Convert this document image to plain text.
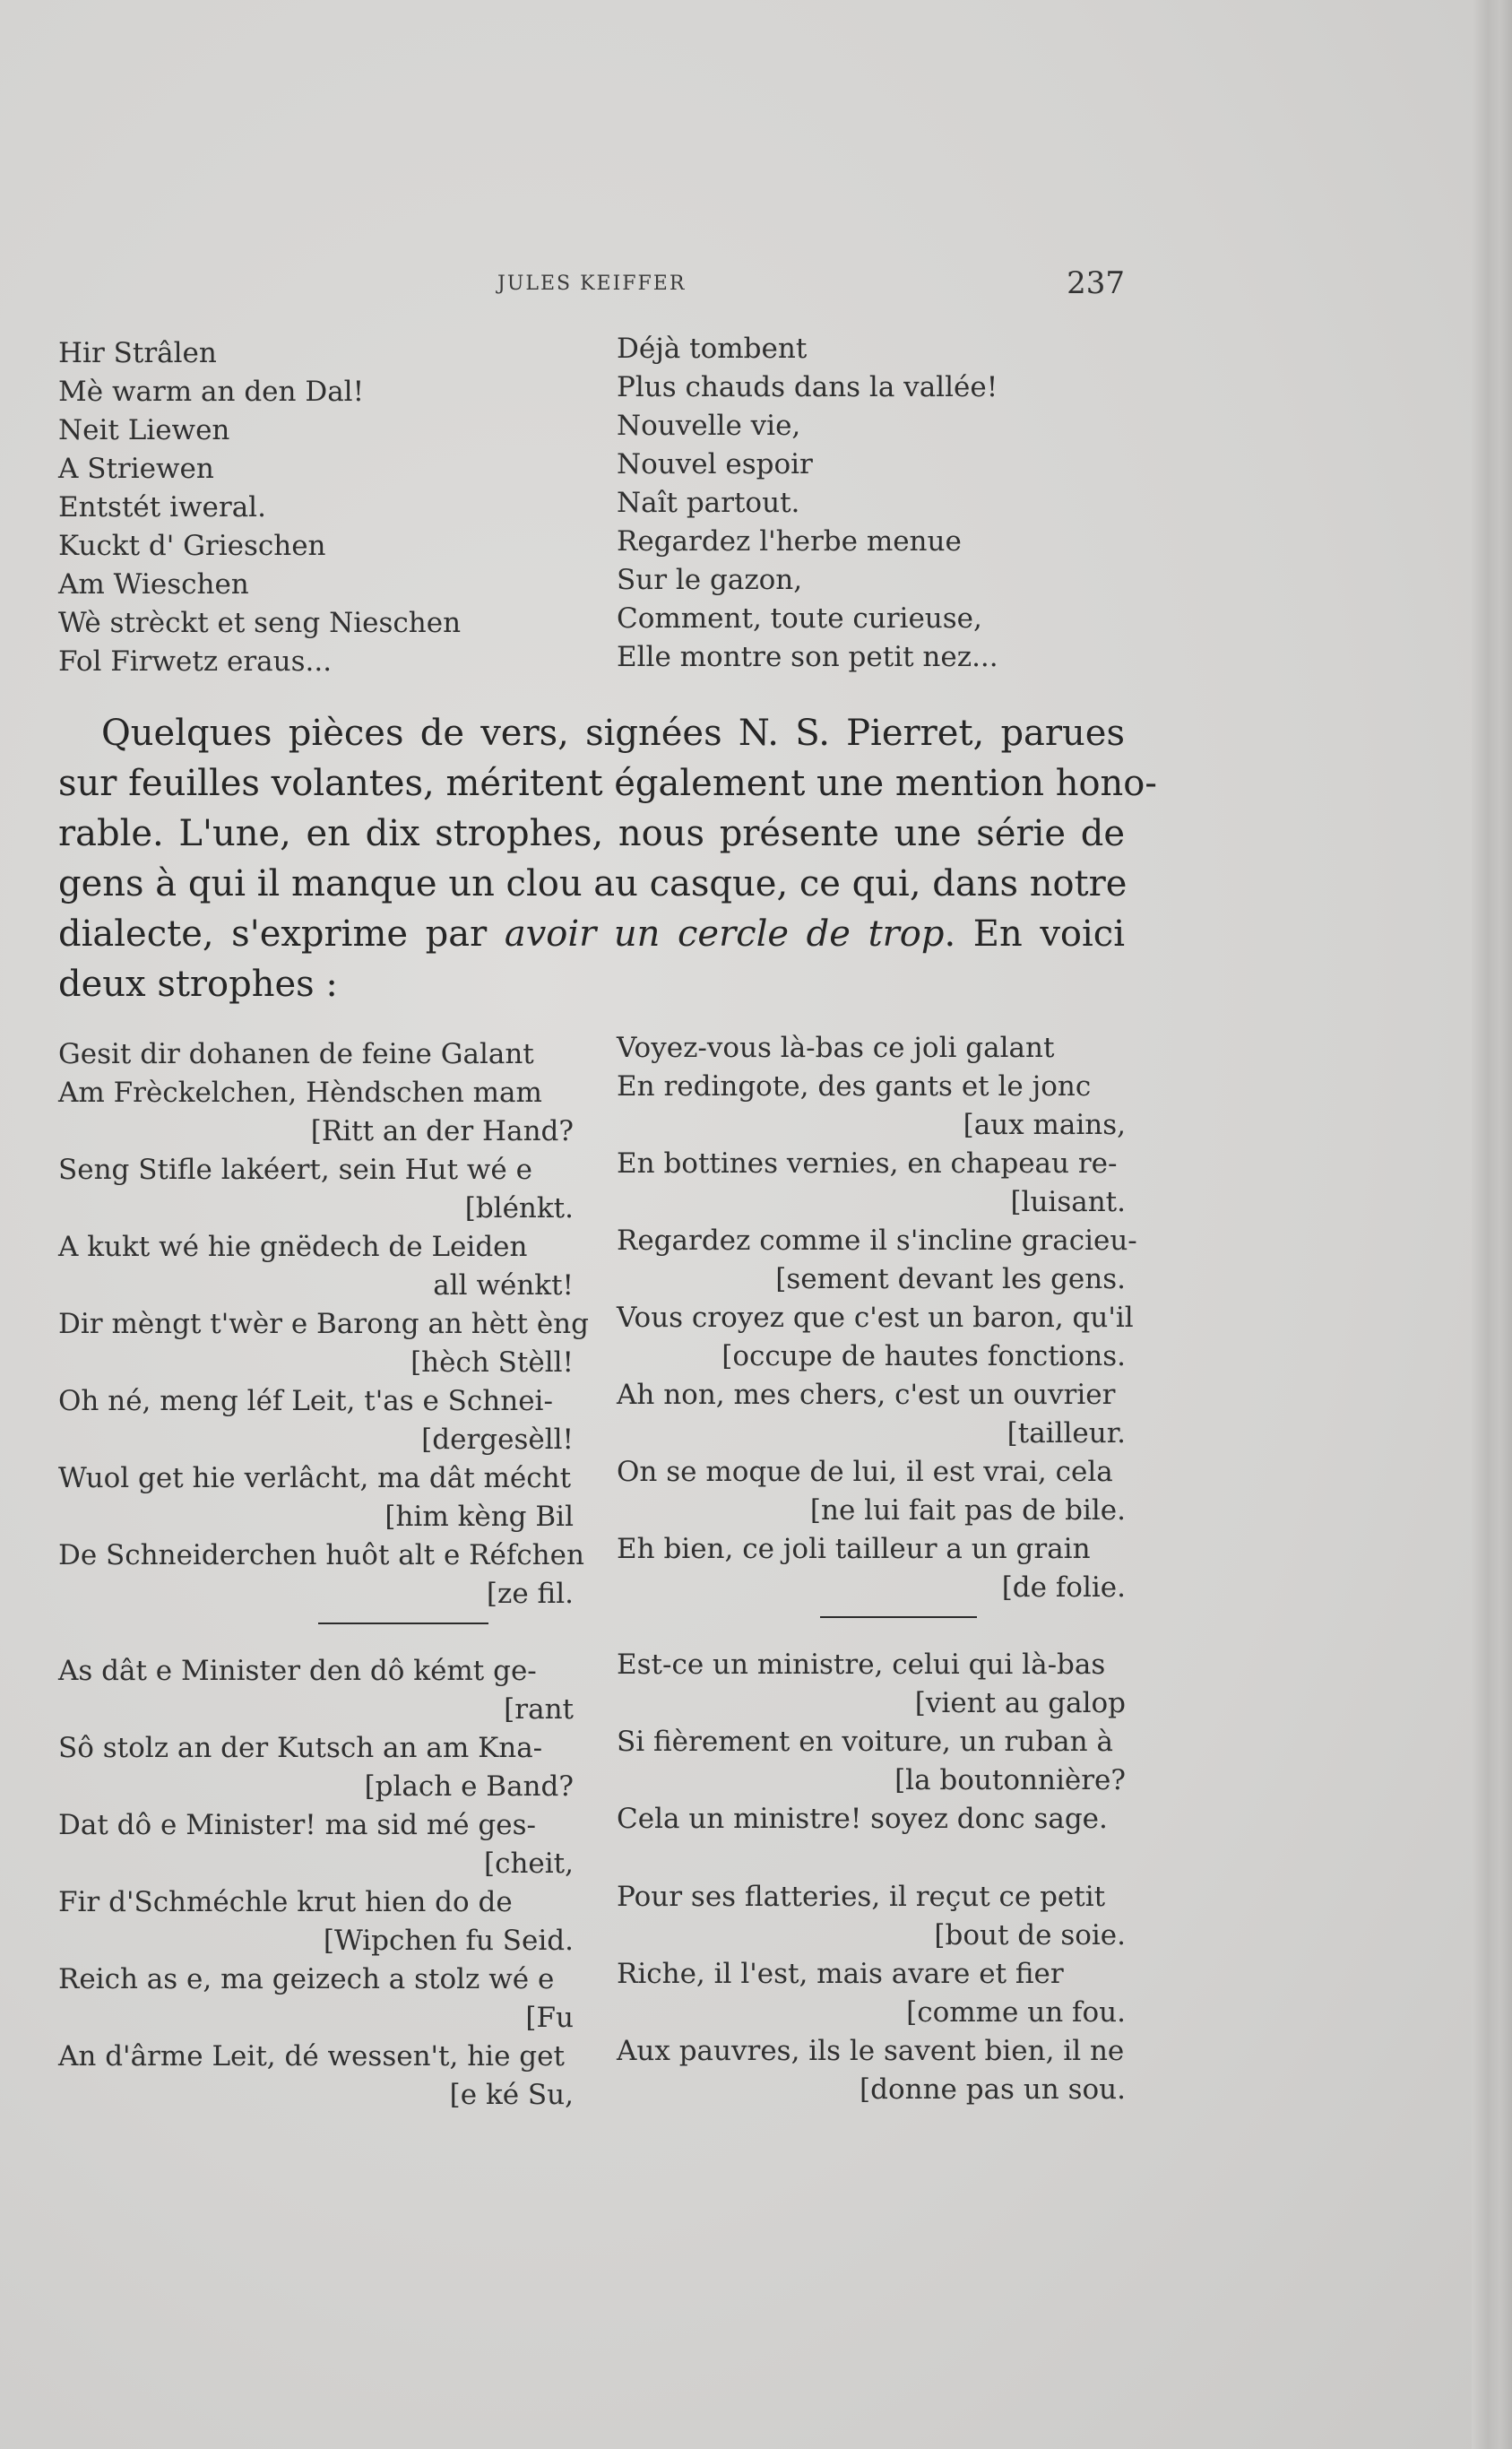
JULES KEIFFER	237
Hir Strâlen
Mè warm an den Dal!
Neit Liewen
A Striewen
Entstét iweral.
Kuckt d' Grieschen
Am Wieschen
Wè strèckt et seng Nieschen
Fol Firwetz eraus...
Déjà tombent
Plus chauds dans la vallée!
Nouvelle vie,
Nouvel espoir
Naît partout.
Regardez l'herbe menue
Sur le gazon,
Comment, toute curieuse,
Elle montre son petit nez...
Quelques pièces de vers, signées N. S. Pierret, parues
sur feuilles volantes, méritent également une mention hono-
rable. L'une, en dix strophes, nous présente une série de
gens à qui il manque un clou au casque, ce qui, dans notre
dialecte, s'exprime par avoir un cercle de trop. En voici
deux strophes :
Gesit dir dohanen de feine Galant
Am Frèckelchen, Hèndschen mam
[Ritt an der Hand?
Seng Stifle lakéert, sein Hut wé e
[blénkt.
A kukt wé hie gnëdech de Leiden
all wénkt!
Dir mèngt t'wèr e Barong an hètt èng
[hèch Stèll!
Oh né, meng léf Leit, t'as e Schnei-
[dergesèll!
Wuol get hie verlâcht, ma dât mécht
[him kèng Bil
De Schneiderchen huôt alt e Réfchen
[ze fil.
As dât e Minister den dô kémt ge-
[rant
Sô stolz an der Kutsch an am Kna-
[plach e Band?
Dat dô e Minister! ma sid mé ges-
[cheit,
Fir d'Schméchle krut hien do de
[Wipchen fu Seid.
Reich as e, ma geizech a stolz wé e
[Fu
An d'ârme Leit, dé wessen't, hie get
[e ké Su,
Voyez-vous là-bas ce joli galant
En redingote, des gants et le jonc
[aux mains,
En bottines vernies, en chapeau re-
[luisant.
Regardez comme il s'incline gracieu-
[sement devant les gens.
Vous croyez que c'est un baron, qu'il
[occupe de hautes fonctions.
Ah non, mes chers, c'est un ouvrier
[tailleur.
On se moque de lui, il est vrai, cela
[ne lui fait pas de bile.
Eh bien, ce joli tailleur a un grain
[de folie.
Est-ce un ministre, celui qui là-bas
[vient au galop
Si fièrement en voiture, un ruban à
[la boutonnière?
Cela un ministre! soyez donc sage.
Pour ses flatteries, il reçut ce petit
[bout de soie.
Riche, il l'est, mais avare et fier
[comme un fou.
Aux pauvres, ils le savent bien, il ne
[donne pas un sou.
